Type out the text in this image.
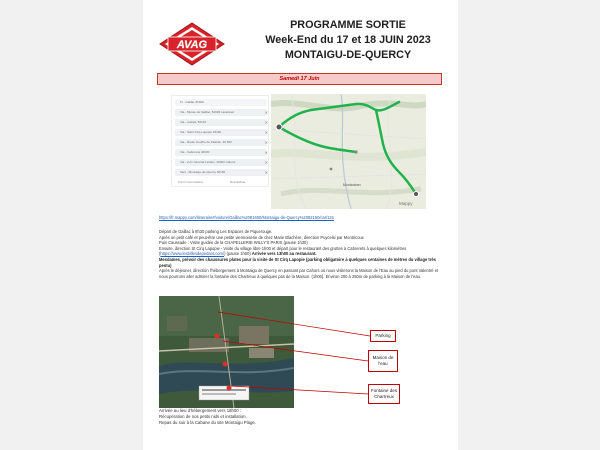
AVAG
PROGRAMME SORTIE
Week-End du 17 et 18 JUIN 2023
MONTAIGU-DE-QUERCY
Samedi 17 Juin
Fr - Gaillac 81600
Via - Musée de Gaillac, 81600 Lavelanet	✕
Via - Cazals, 82140	✕
Via - Saint-Cirq-Lapopie 46330	✕
Via - Route Gouffre de Padirac, 46 500	✕
Via - Cabrerets 46330	✕
Via - 2 Av Général Leclerc, 46000 Cahors	✕
Vers - Montaigu-de-Quercy 82150	✕
Point intermediaire	Réinitialiser
Montauban
Mappy
https://fr.mappy.com/itineraire#/voiture/Gaillac%2081600/Montaigu-de-Quercy%2082150/car/115

Départ de Gaillac à 8h30 parking Les Espaces de Piquerouge.

Après un petit café et peut-être une petite viennoiserie de chez Marie Blachère, direction Puycelsi par Montricoux

Puis Caussade : Visite guidée de la CHAPELLERIE WILLY'S PARIS (pause 1h30)

Ensuite, direction St Cirq Lapopie - Visite du village libre 1h00 et départ pour le restaurant des grottes à Cabrerets à quelques kilomètres (https://www.lesbillesdepedant.com/) (pause 1h00) Arrivée vers 13h00 au restaurant.

Mesdames, prévoir des chaussures plates pour la visite de St Cirq Lapopie (parking obligatoire à quelques centaines de mètres du village très pentu)

Après le déjeuner, direction l'hébergement à Montaigu de Quercy en passant par Cahors où nous visiterons la Maison de l'Eau au pied du pont Valentré et nous pourrons aller admirer la fontaine des Chartreux à quelques pas de la Maison. (1h00). Environ 200 à 250m de parking à la Maison de l'eau.

Parking
Maison de l'eau
Fontaine des Chartreux
Arrivée au lieu d'hébergement vers 18h00 :
Récupération de nos petits nids et installation.
Repas du soir à la Cabane du site Montaigu Plage.
